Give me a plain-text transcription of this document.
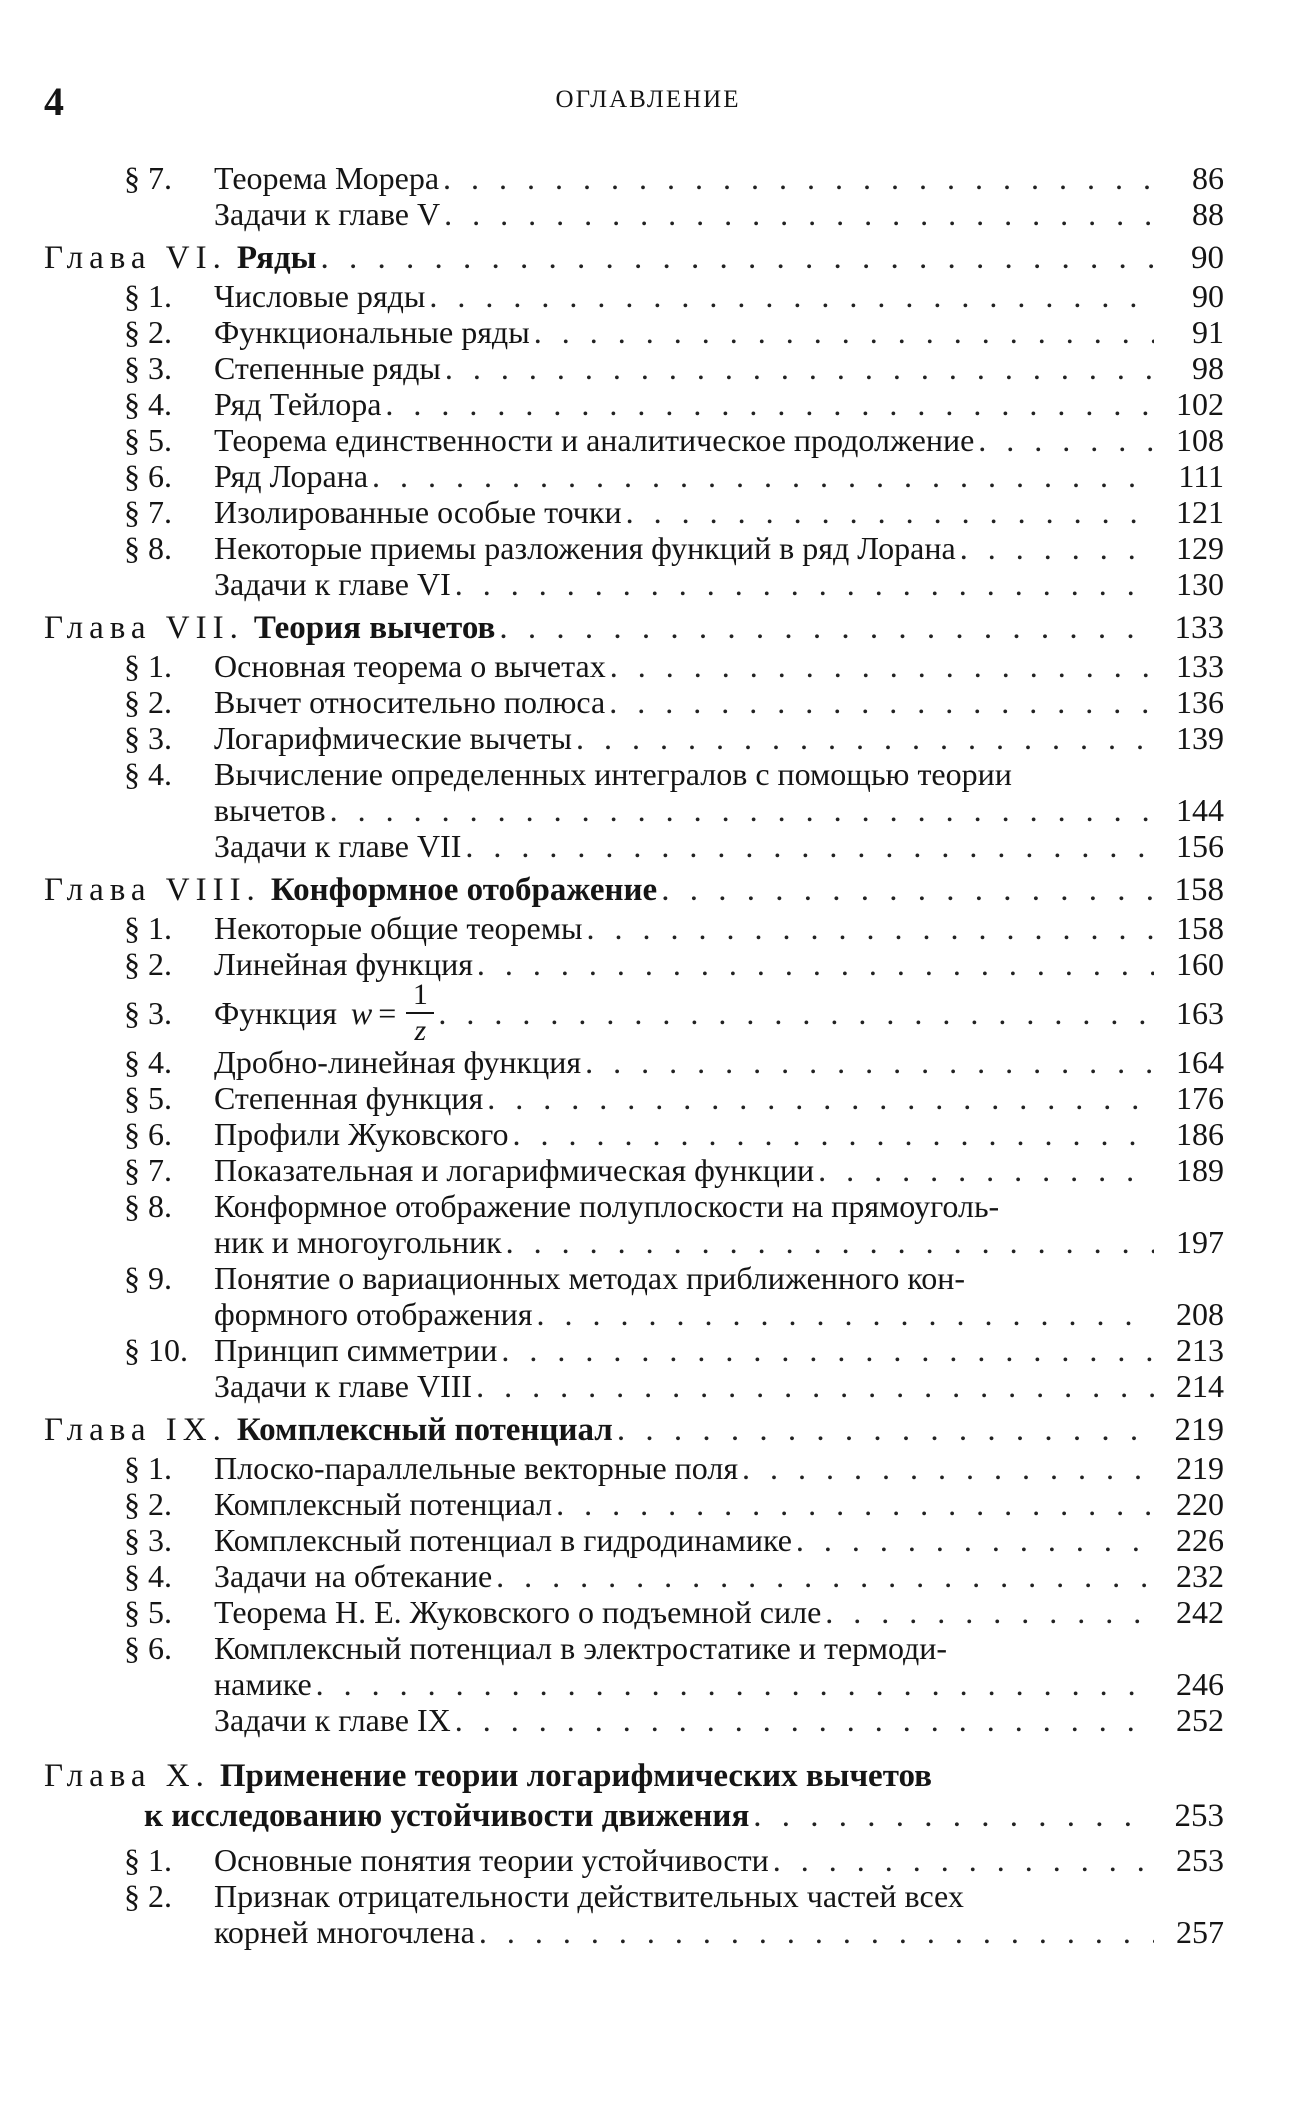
4	ОГЛАВЛЕНИЕ
§ 7.	Теорема Морера . . .	86
Задачи к главе V . . .	88
Глава VI. Ряды . . .	90
§ 1.	Числовые ряды . . .	90
§ 2.	Функциональные ряды . . .	91
§ 3.	Степенные ряды . . .	98
§ 4.	Ряд Тейлора . . .	102
§ 5.	Теорема единственности и аналитическое продолжение . . .	108
§ 6.	Ряд Лорана . . .	111
§ 7.	Изолированные особые точки . . .	121
§ 8.	Некоторые приемы разложения функций в ряд Лорана . . .	129
Задачи к главе VI . . .	130
Глава VII. Теория вычетов . . .	133
§ 1.	Основная теорема о вычетах . . .	133
§ 2.	Вычет относительно полюса . . .	136
§ 3.	Логарифмические вычеты . . .	139
§ 4.	Вычисление определенных интегралов с помощью теории
вычетов . . .	144
Задачи к главе VII . . .	156
Глава VIII. Конформное отображение . . .	158
§ 1.	Некоторые общие теоремы . . .	158
§ 2.	Линейная функция . . .	160
§ 3.	Функция $w = \frac{1}{z}$ . . .	163
§ 4.	Дробно-линейная функция . . .	164
§ 5.	Степенная функция . . .	176
§ 6.	Профили Жуковского . . .	186
§ 7.	Показательная и логарифмическая функции . . .	189
§ 8.	Конформное отображение полуплоскости на прямоуголь-
ник и многоугольник . . .	197
§ 9.	Понятие о вариационных методах приближенного кон-
формного отображения . . .	208
§ 10. Принцип симметрии . . .	213
Задачи к главе VIII . . .	214
Глава IX. Комплексный потенциал . . .	219
§ 1.	Плоско-параллельные векторные поля . . .	219
§ 2.	Комплексный потенциал . . .	220
§ 3.	Комплексный потенциал в гидродинамике . . .	226
§ 4.	Задачи на обтекание . . .	232
§ 5.	Теорема Н. Е. Жуковского о подъемной силе . . .	242
§ 6.	Комплексный потенциал в электростатике и термоди-
намике . . .	246
Задачи к главе IX . . .	252
Глава X. Применение теории логарифмических вычетов
к исследованию устойчивости движения . . .	253
§ 1.	Основные понятия теории устойчивости . . .	253
§ 2.	Признак отрицательности действительных частей всех
корней многочлена . . .	257
